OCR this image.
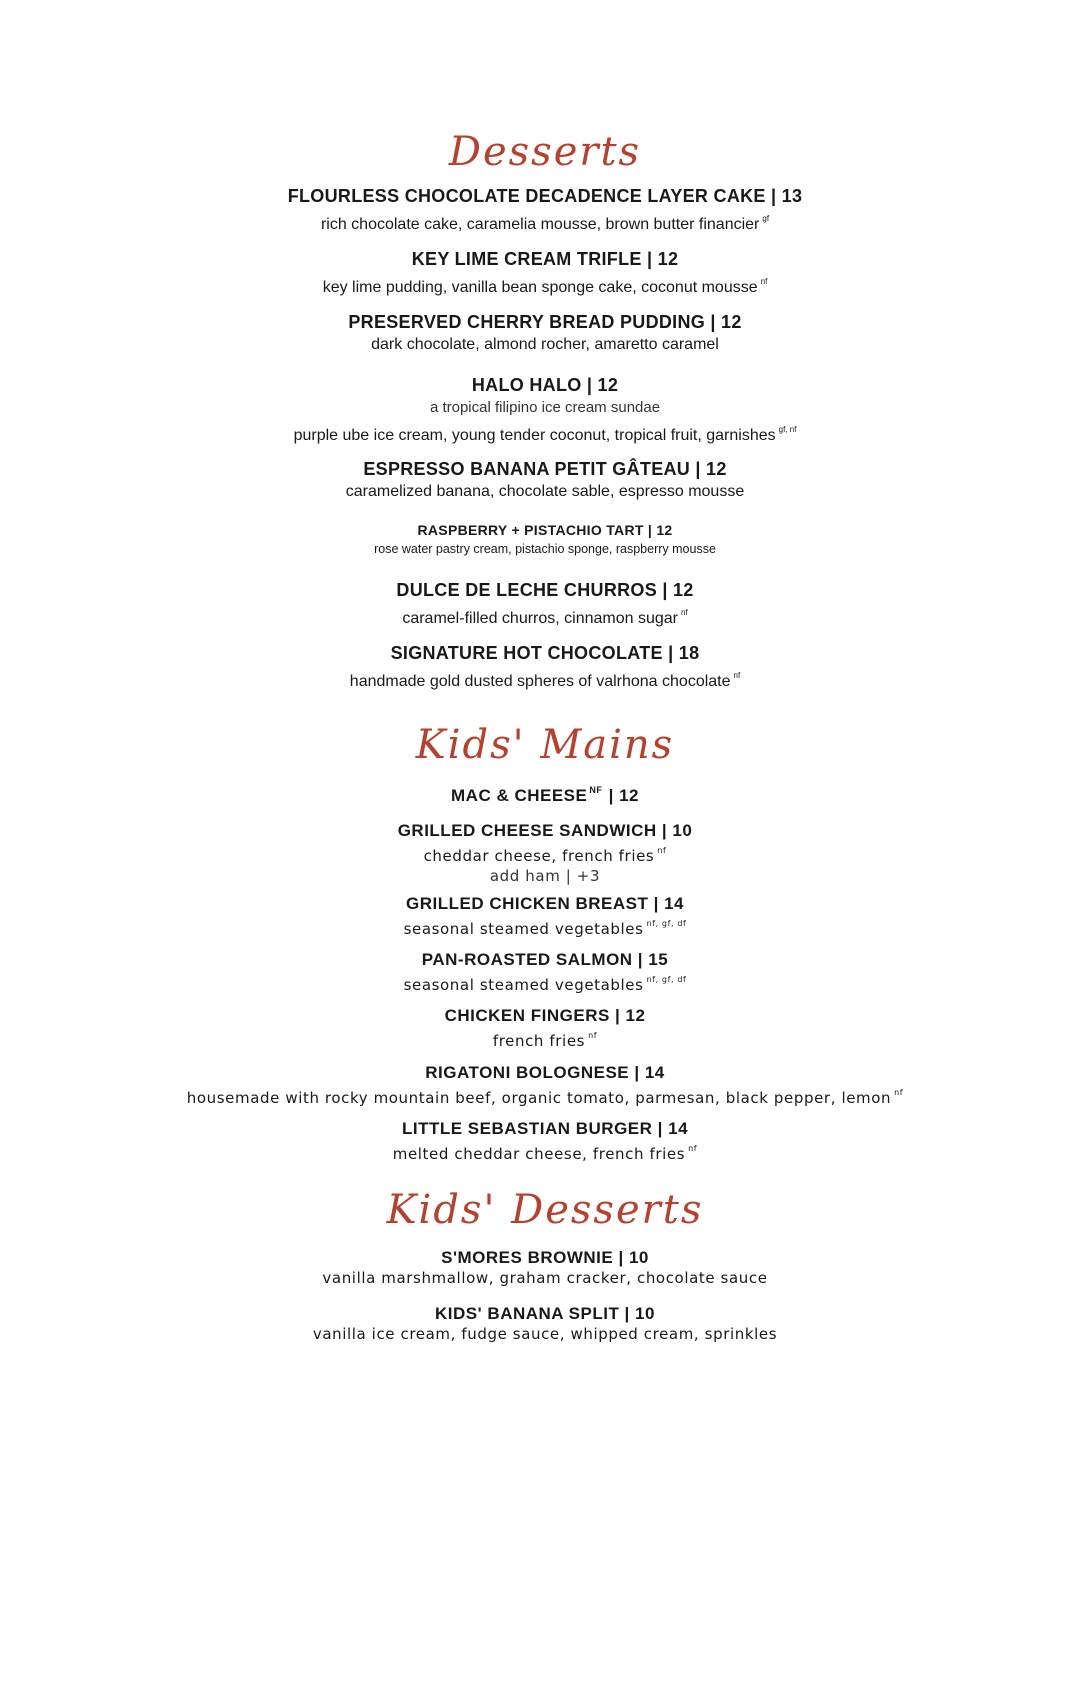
Desserts
FLOURLESS CHOCOLATE DECADENCE LAYER CAKE | 13
rich chocolate cake, caramelia mousse, brown butter financier $^{gf}$
KEY LIME CREAM TRIFLE | 12
key lime pudding, vanilla bean sponge cake, coconut mousse $^{nf}$
PRESERVED CHERRY BREAD PUDDING | 12
dark chocolate, almond rocher, amaretto caramel
HALO HALO | 12
a tropical filipino ice cream sundae
purple ube ice cream, young tender coconut, tropical fruit, garnishes $^{gf, nf}$
ESPRESSO BANANA PETIT GÂTEAU | 12
caramelized banana, chocolate sable, espresso mousse
RASPBERRY + PISTACHIO TART | 12
rose water pastry cream, pistachio sponge, raspberry mousse
DULCE DE LECHE CHURROS | 12
caramel-filled churros, cinnamon sugar $^{nf}$
SIGNATURE HOT CHOCOLATE | 18
handmade gold dusted spheres of valrhona chocolate $^{nf}$
Kids' Mains
MAC & CHEESE $^{NF}$ | 12
GRILLED CHEESE SANDWICH | 10
cheddar cheese, french fries $^{nf}$
add ham | +3
GRILLED CHICKEN BREAST | 14
seasonal steamed vegetables $^{nf, gf, df}$
PAN-ROASTED SALMON | 15
seasonal steamed vegetables $^{nf, gf, df}$
CHICKEN FINGERS | 12
french fries $^{nf}$
RIGATONI BOLOGNESE | 14
housemade with rocky mountain beef, organic tomato, parmesan, black pepper, lemon $^{nf}$
LITTLE SEBASTIAN BURGER | 14
melted cheddar cheese, french fries $^{nf}$
Kids' Desserts
S'MORES BROWNIE | 10
vanilla marshmallow, graham cracker, chocolate sauce
KIDS' BANANA SPLIT | 10
vanilla ice cream, fudge sauce, whipped cream, sprinkles
